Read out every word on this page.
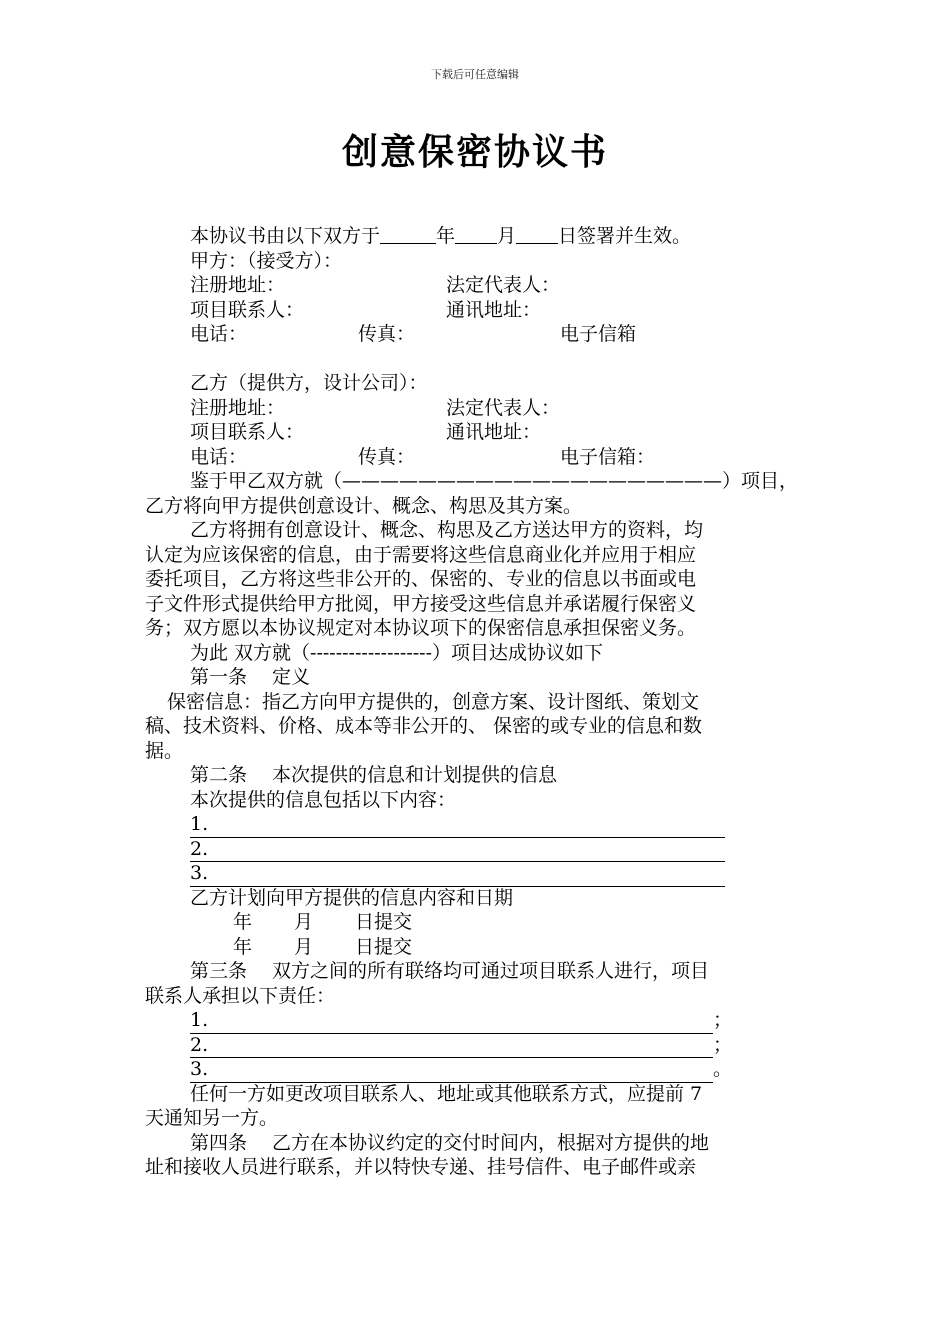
下载后可任意编辑
创意保密协议书
本协议书由以下双方于	年 月 日签署并生效。
甲方：（接受方）：
注册地址：	法定代表人：
项目联系人：	通讯地址：
电话：	传真：	电子信箱
乙方（提供方，设计公司）：
注册地址：	法定代表人：
项目联系人：	通讯地址：
电话：	传真：	电子信箱：
鉴于甲乙双方就（————————————————————）项目，
乙方将向甲方提供创意设计、概念、构思及其方案。
乙方将拥有创意设计、概念、构思及乙方送达甲方的资料，均
认定为应该保密的信息，由于需要将这些信息商业化并应用于相应
委托项目，乙方将这些非公开的、保密的、专业的信息以书面或电
子文件形式提供给甲方批阅，甲方接受这些信息并承诺履行保密义
务；双方愿以本协议规定对本协议项下的保密信息承担保密义务。
为此 双方就（-------------------）项目达成协议如下
第一条　 定义
保密信息：指乙方向甲方提供的，创意方案、设计图纸、策划文
稿、技术资料、价格、成本等非公开的、 保密的或专业的信息和数
据。
第二条　 本次提供的信息和计划提供的信息
本次提供的信息包括以下内容：
1.
2.
3.
乙方计划向甲方提供的信息内容和日期
年 月 日提交
年 月 日提交
第三条　 双方之间的所有联络均可通过项目联系人进行，项目
联系人承担以下责任：
1.	；
2.	；
3.	。
任何一方如更改项目联系人、地址或其他联系方式，应提前 7
天通知另一方。
第四条　 乙方在本协议约定的交付时间内，根据对方提供的地
址和接收人员进行联系，并以特快专递、挂号信件、电子邮件或亲
